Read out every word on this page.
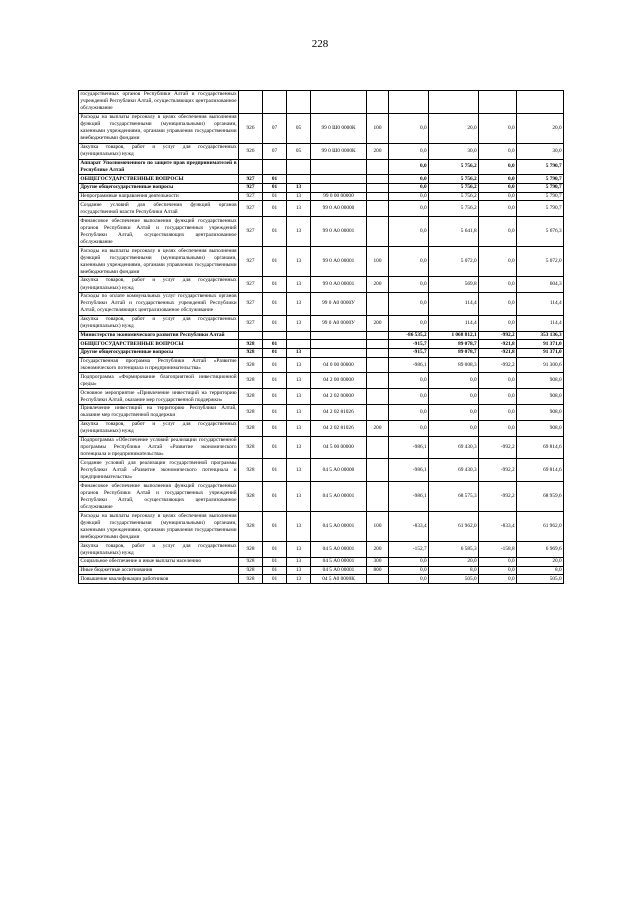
228
государственных органов Республики Алтай и государственных учреждений Республики Алтай, осуществляющих централизованное обслуживание									
Расходы на выплаты персоналу в целях обеспечения выполнения функций государственными (муниципальными) органами, казенными учреждениями, органами управления государственными внебюджетными фондами	926	07	05	99 0 Ш0 0000К	100	0,0	20,0	0,0	20,0
Закупка товаров, работ и услуг для государственных (муниципальных) нужд	926	07	05	99 0 Ш0 0000К	200	0,0	30,0	0,0	30,0
Аппарат Уполномоченного по защите прав предпринимателей в Республике Алтай						0,0	5 756,2	0,0	5 790,7
ОБЩЕГОСУДАРСТВЕННЫЕ ВОПРОСЫ	927	01				0,0	5 756,2	0,0	5 790,7
Другие общегосударственные вопросы	927	01	13			0,0	5 756,2	0,0	5 790,7
Непрограммные направления деятельности	927	01	13	99 0 00 00000		0,0	5 756,2	0,0	5 790,7
Создание условий для обеспечения функций органов государственной власти Республики Алтай	927	01	13	99 0 А0 00000		0,0	5 756,2	0,0	5 790,7
Финансовое обеспечение выполнения функций государственных органов Республики Алтай и государственных учреждений Республики Алтай, осуществляющих централизованное обслуживание	927	01	13	99 0 А0 00001		0,0	5 641,8	0,0	5 676,3
Расходы на выплаты персоналу в целях обеспечения выполнения функций государственными (муниципальными) органами, казенными учреждениями, органами управления государственными внебюджетными фондами	927	01	13	99 0 А0 00001	100	0,0	5 072,0	0,0	5 072,0
Закупка товаров, работ и услуг для государственных (муниципальных) нужд	927	01	13	99 0 А0 00001	200	0,0	569,8	0,0	604,3
Расходы по оплате коммунальных услуг государственных органов Республики Алтай и государственных учреждений Республики Алтай, осуществляющих централизованное обслуживание	927	01	13	99 0 А0 0000У		0,0	114,4	0,0	114,4
Закупка товаров, работ и услуг для государственных (муниципальных) нужд	927	01	13	99 0 А0 0000У	200	0,0	114,4	0,0	114,4
Министерство экономического развития Республики Алтай						-86 535,2	1 068 812,1	-992,2	353 136,3
ОБЩЕГОСУДАРСТВЕННЫЕ ВОПРОСЫ	928	01				-915,7	89 078,7	-921,8	91 371,0
Другие общегосударственные вопросы	928	01	13			-915,7	89 078,7	-921,8	91 371,0
Государственная программа Республики Алтай «Развитие экономического потенциала и предпринимательства»	928	01	13	04 0 00 00000		-986,1	89 008,3	-992,2	91 300,6
Подпрограмма «Формирование благоприятной инвестиционной среды»	928	01	13	04 2 00 00000		0,0	0,0	0,0	908,0
Основное мероприятие «Привлечение инвестиций на территорию Республики Алтай, оказание мер государственной поддержки»	928	01	13	04 2 02 00000		0,0	0,0	0,0	908,0
Привлечение инвестиций на территорию Республики Алтай, оказание мер государственной поддержки	928	01	13	04 2 02 81026		0,0	0,0	0,0	908,0
Закупка товаров, работ и услуг для государственных (муниципальных) нужд	928	01	13	04 2 02 81026	200	0,0	0,0	0,0	908,0
Подпрограмма «Обеспечение условий реализации государственной программы Республики Алтай «Развитие экономического потенциала и предпринимательства»	928	01	13	04 5 00 00000		-986,1	69 430,3	-992,2	69 814,6
Создание условий для реализации государственной программы Республики Алтай «Развитие экономического потенциала и предпринимательства»	928	01	13	04 5 А0 00000		-986,1	69 430,3	-992,2	69 814,6
Финансовое обеспечение выполнения функций государственных органов Республики Алтай и государственных учреждений Республики Алтай, осуществляющих централизованное обслуживание	928	01	13	04 5 А0 00001		-986,1	68 575,3	-992,2	68 959,6
Расходы на выплаты персоналу в целях обеспечения выполнения функций государственными (муниципальными) органами, казенными учреждениями, органами управления государственными внебюджетными фондами	928	01	13	04 5 А0 00001	100	-833,4	61 962,0	-833,4	61 962,0
Закупка товаров, работ и услуг для государственных (муниципальных) нужд	928	01	13	04 5 А0 00001	200	-152,7	6 585,3	-158,8	6 969,6
Социальное обеспечение и иные выплаты населению	928	01	13	04 5 А0 00001	300	0,0	20,0	0,0	20,0
Иные бюджетные ассигнования	928	01	13	04 5 А0 00001	800	0,0	8,0	0,0	8,0
Повышение квалификации работников	928	01	13	04 5 А0 0000К		0,0	505,0	0,0	505,0
